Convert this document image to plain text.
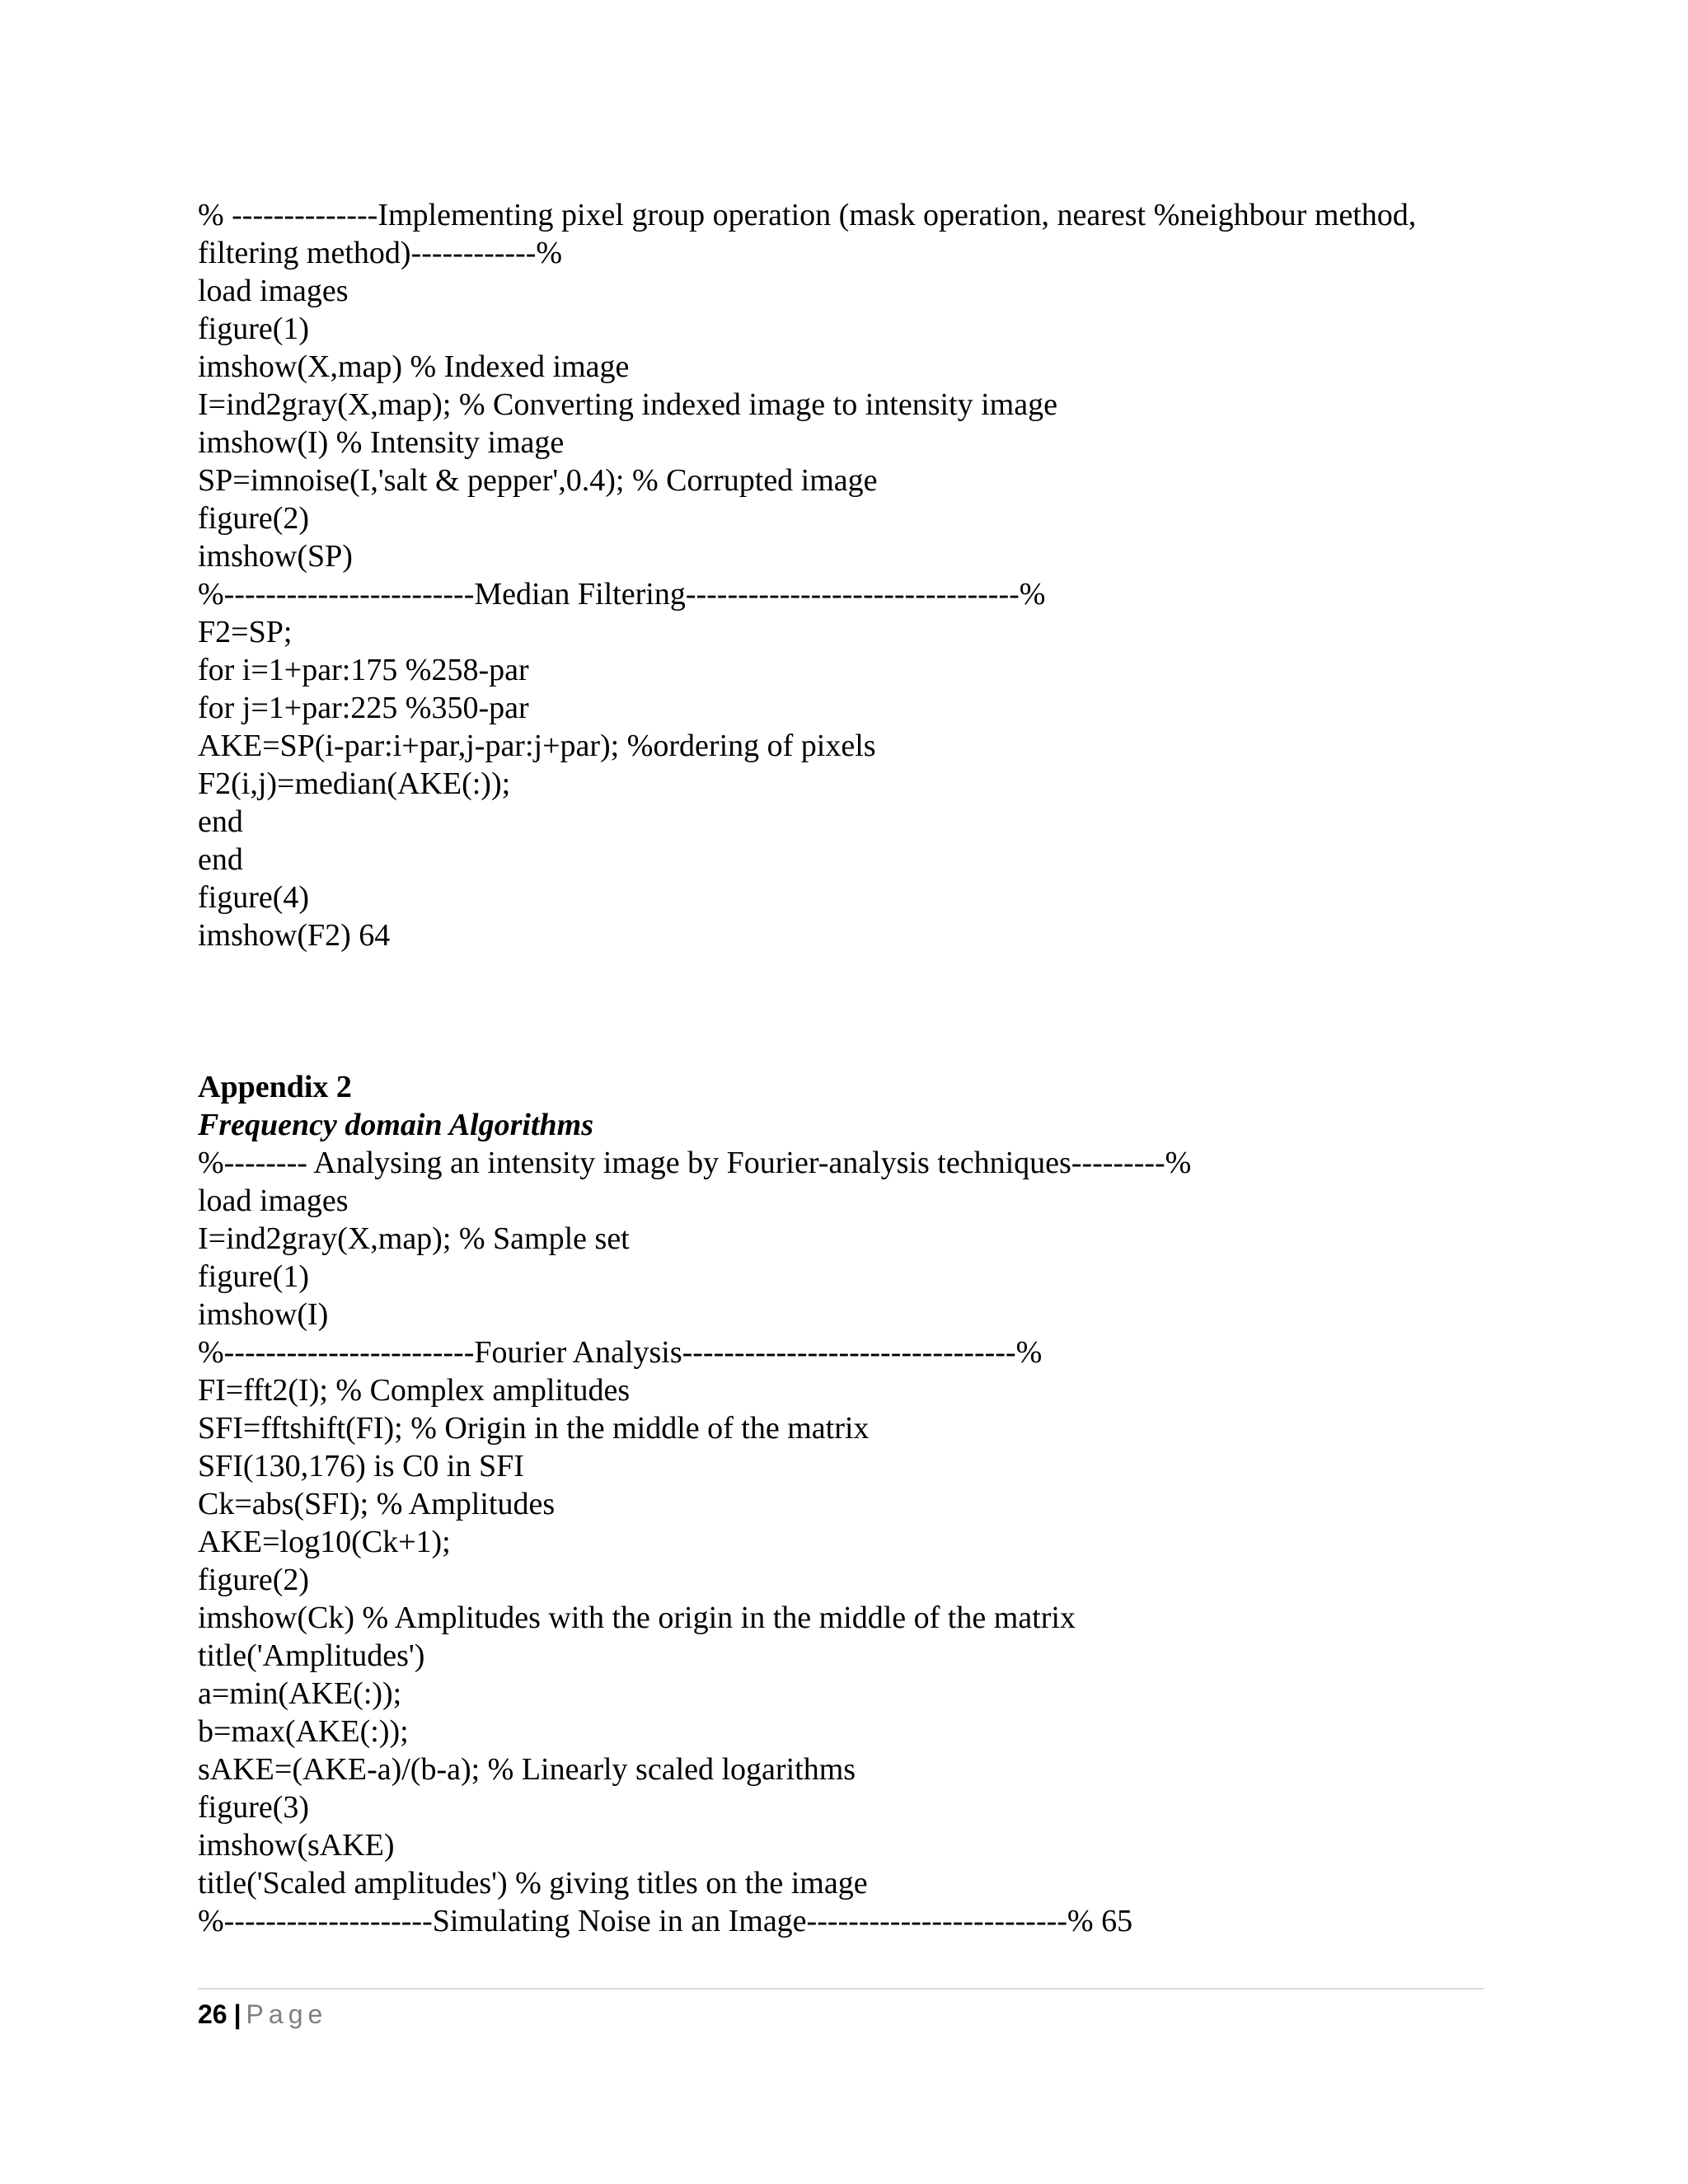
% --------------Implementing pixel group operation (mask operation, nearest %neighbour method, filtering method)------------%
load images
figure(1)
imshow(X,map) % Indexed image
I=ind2gray(X,map); % Converting indexed image to intensity image
imshow(I) % Intensity image
SP=imnoise(I,'salt & pepper',0.4); % Corrupted image
figure(2)
imshow(SP)
%------------------------Median Filtering--------------------------------%
F2=SP;
for i=1+par:175 %258-par
for j=1+par:225 %350-par
AKE=SP(i-par:i+par,j-par:j+par); %ordering of pixels
F2(i,j)=median(AKE(:));
end
end
figure(4)
imshow(F2) 64
Appendix 2
Frequency domain Algorithms
%-------- Analysing an intensity image by Fourier-analysis techniques---------%
load images
I=ind2gray(X,map); % Sample set
figure(1)
imshow(I)
%------------------------Fourier Analysis--------------------------------%
FI=fft2(I); % Complex amplitudes
SFI=fftshift(FI); % Origin in the middle of the matrix
SFI(130,176) is C0 in SFI
Ck=abs(SFI); % Amplitudes
AKE=log10(Ck+1);
figure(2)
imshow(Ck) % Amplitudes with the origin in the middle of the matrix
title('Amplitudes')
a=min(AKE(:));
b=max(AKE(:));
sAKE=(AKE-a)/(b-a); % Linearly scaled logarithms
figure(3)
imshow(sAKE)
title('Scaled amplitudes') % giving titles on the image
%--------------------Simulating Noise in an Image-------------------------% 65
26 | Page
